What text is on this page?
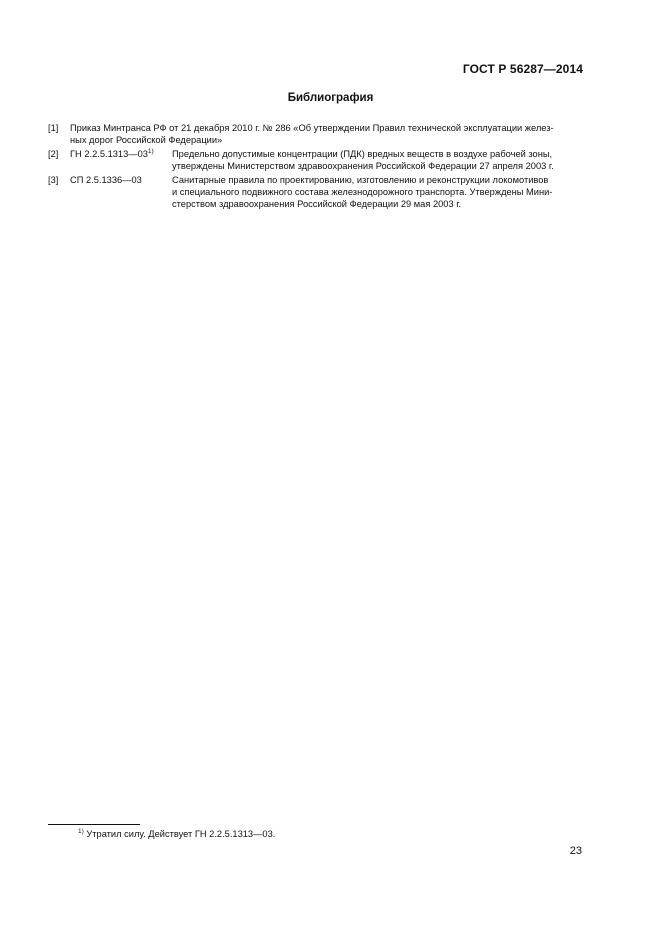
ГОСТ Р 56287—2014
Библиография
[1] Приказ Минтранса РФ от 21 декабря 2010 г. № 286 «Об утверждении Правил технической эксплуатации желез-
ных дорог Российской Федерации»
[2] ГН 2.2.5.1313—03$^{1)}$ Предельно допустимые концентрации (ПДК) вредных веществ в воздухе рабочей зоны,
утверждены Министерством здравоохранения Российской Федерации 27 апреля 2003 г.
[3] СП 2.5.1336—03	Санитарные правила по проектированию, изготовлению и реконструкции локомотивов
и специального подвижного состава железнодорожного транспорта. Утверждены Мини-
стерством здравоохранения Российской Федерации 29 мая 2003 г.
$^{1)}$ Утратил силу. Действует ГН 2.2.5.1313—03.
23
